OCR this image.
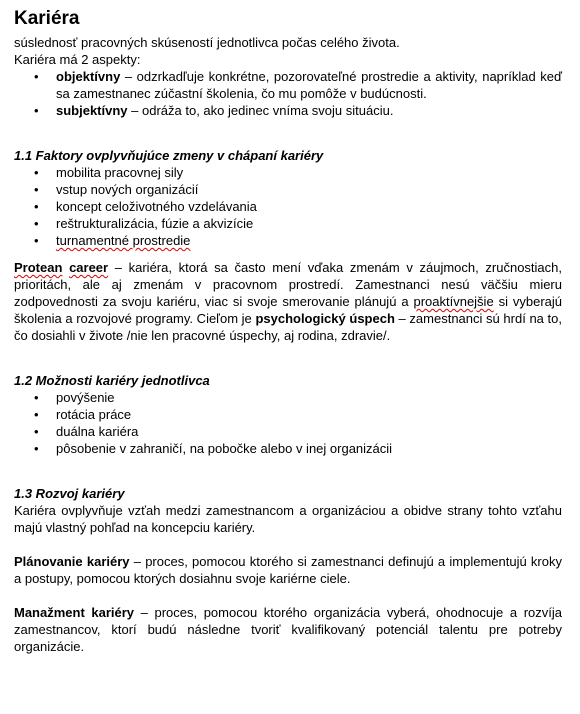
Kariéra

súslednosť pracovných skúseností jednotlivca počas celého života.

Kariéra má 2 aspekty:

• objektívny – odzrkadľuje konkrétne, pozorovateľné prostredie a aktivity, napríklad keď sa zamestnanec zúčastní školenia, čo mu pomôže v budúcnosti.
• subjektívny – odráža to, ako jedinec vníma svoju situáciu.
1.1 Faktory ovplyvňujúce zmeny v chápaní kariéry
• mobilita pracovnej sily
• vstup nových organizácií
• koncept celoživotného vzdelávania
• reštrukturalizácia, fúzie a akvizície
• turnamentné prostredie

Protean career – kariéra, ktorá sa často mení vďaka zmenám v záujmoch, zručnostiach, prioritách, ale aj zmenám v pracovnom prostredí. Zamestnanci nesú väčšiu mieru zodpovednosti za svoju kariéru, viac si svoje smerovanie plánujú a proaktívnejšie si vyberajú školenia a rozvojové programy. Cieľom je psychologický úspech – zamestnanci sú hrdí na to, čo dosiahli v živote /nie len pracovné úspechy, aj rodina, zdravie/.

1.2 Možnosti kariéry jednotlivca
• povýšenie
• rotácia práce
• duálna kariéra
• pôsobenie v zahraničí, na pobočke alebo v inej organizácii
1.3 Rozvoj kariéry

Kariéra ovplyvňuje vzťah medzi zamestnancom a organizáciou a obidve strany tohto vzťahu majú vlastný pohľad na koncepciu kariéry.

Plánovanie kariéry – proces, pomocou ktorého si zamestnanci definujú a implementujú kroky a postupy, pomocou ktorých dosiahnu svoje kariérne ciele.

Manažment kariéry – proces, pomocou ktorého organizácia vyberá, ohodnocuje a rozvíja zamestnancov, ktorí budú následne tvoriť kvalifikovaný potenciál talentu pre potreby organizácie.
